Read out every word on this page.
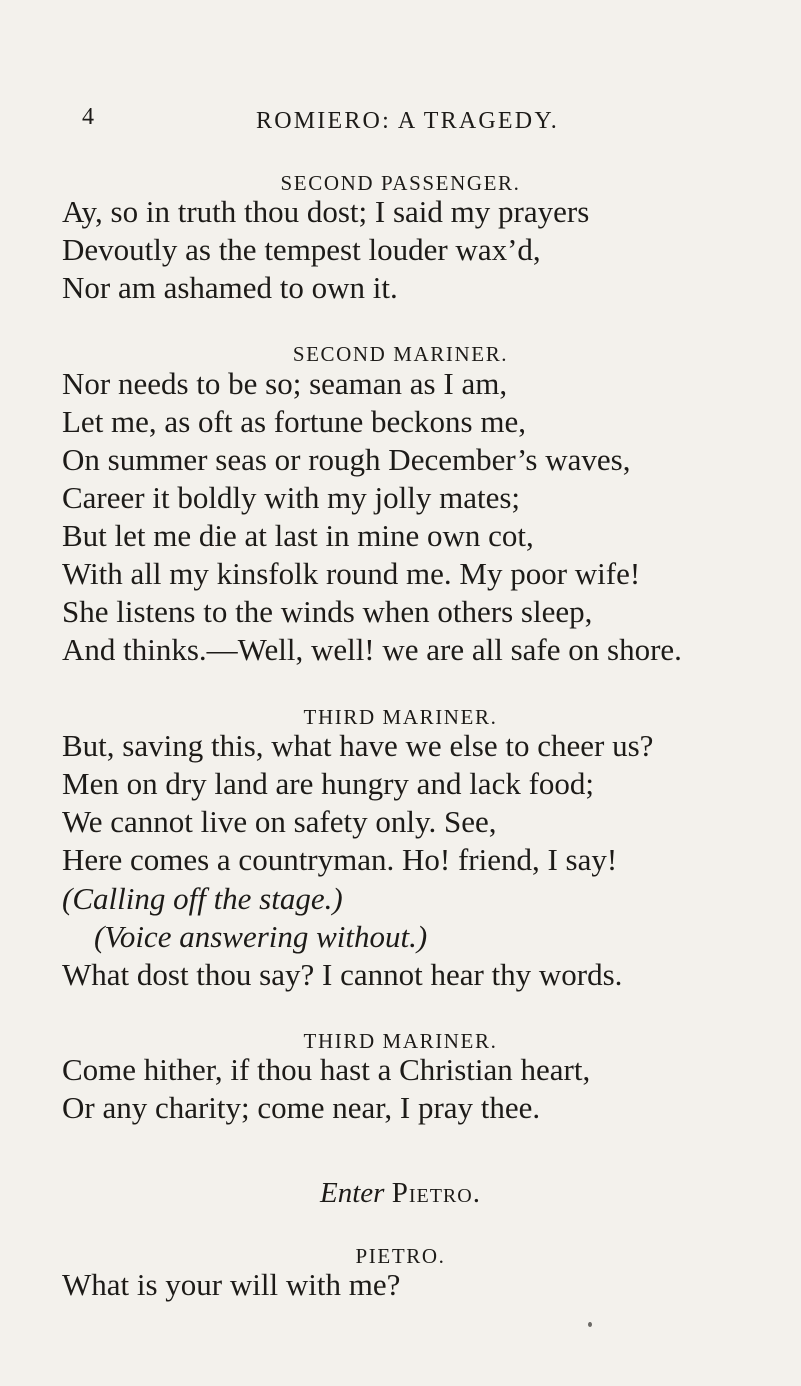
4	ROMIERO: A TRAGEDY.
SECOND PASSENGER.
Ay, so in truth thou dost; I said my prayers
Devoutly as the tempest louder wax’d,
Nor am ashamed to own it.
SECOND MARINER.
Nor needs to be so; seaman as I am,
Let me, as oft as fortune beckons me,
On summer seas or rough December’s waves,
Career it boldly with my jolly mates;
But let me die at last in mine own cot,
With all my kinsfolk round me. My poor wife!
She listens to the winds when others sleep,
And thinks.—Well, well! we are all safe on shore.
THIRD MARINER.
But, saving this, what have we else to cheer us?
Men on dry land are hungry and lack food;
We cannot live on safety only. See,
Here comes a countryman. Ho! friend, I say!
(Calling off the stage.)
(Voice answering without.)
What dost thou say? I cannot hear thy words.
THIRD MARINER.
Come hither, if thou hast a Christian heart,
Or any charity; come near, I pray thee.
Enter Pietro.
PIETRO.
What is your will with me?
